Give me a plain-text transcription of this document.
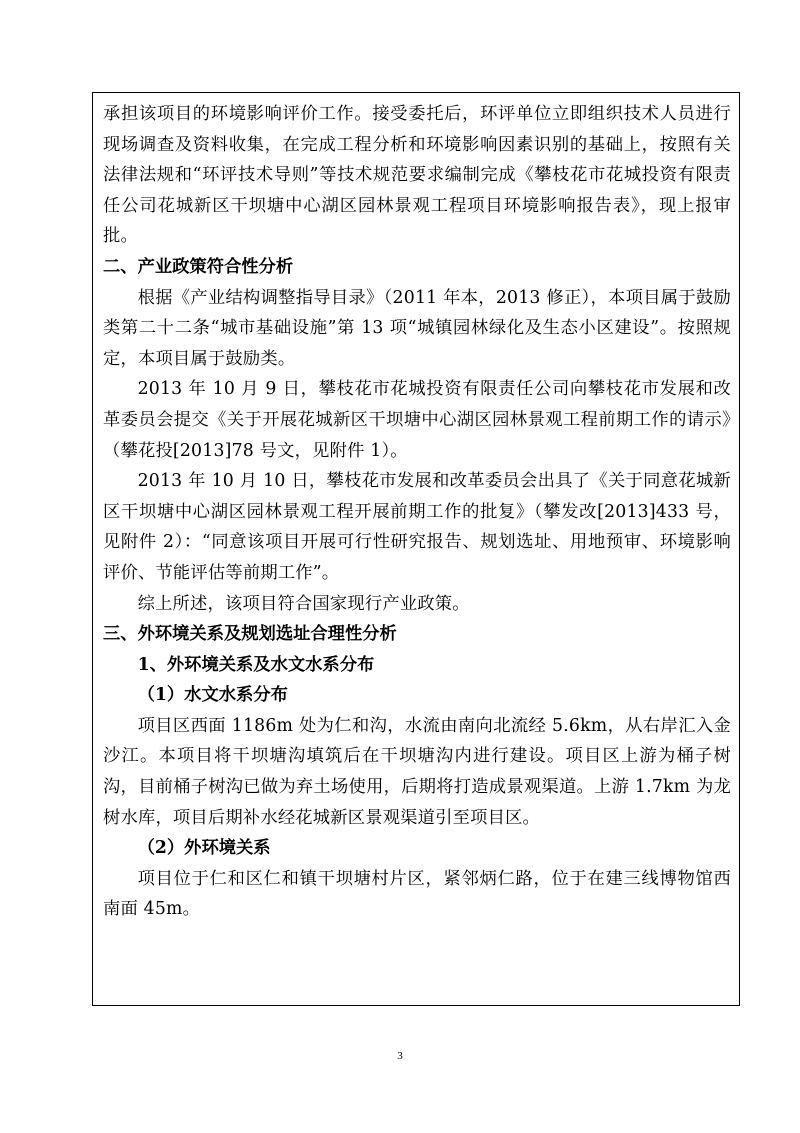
承担该项目的环境影响评价工作。接受委托后，环评单位立即组织技术人员进行现场调查及资料收集，在完成工程分析和环境影响因素识别的基础上，按照有关法律法规和“环评技术导则”等技术规范要求编制完成《攀枝花市花城投资有限责任公司花城新区干坝塘中心湖区园林景观工程项目环境影响报告表》，现上报审批。

二、产业政策符合性分析

根据《产业结构调整指导目录》（2011 年本，2013 修正），本项目属于鼓励类第二十二条“城市基础设施”第 13 项“城镇园林绿化及生态小区建设”。按照规定，本项目属于鼓励类。

2013 年 10 月 9 日，攀枝花市花城投资有限责任公司向攀枝花市发展和改革委员会提交《关于开展花城新区干坝塘中心湖区园林景观工程前期工作的请示》（攀花投[2013]78 号文，见附件 1）。

2013 年 10 月 10 日，攀枝花市发展和改革委员会出具了《关于同意花城新区干坝塘中心湖区园林景观工程开展前期工作的批复》（攀发改[2013]433 号，见附件 2）：“同意该项目开展可行性研究报告、规划选址、用地预审、环境影响评价、节能评估等前期工作”。

综上所述，该项目符合国家现行产业政策。

三、外环境关系及规划选址合理性分析

1、外环境关系及水文水系分布

（1）水文水系分布

项目区西面 1186m 处为仁和沟，水流由南向北流经 5.6km，从右岸汇入金沙江。本项目将干坝塘沟填筑后在干坝塘沟内进行建设。项目区上游为桶子树沟，目前桶子树沟已做为弃土场使用，后期将打造成景观渠道。上游 1.7km 为龙树水库，项目后期补水经花城新区景观渠道引至项目区。

（2）外环境关系

项目位于仁和区仁和镇干坝塘村片区，紧邻炳仁路，位于在建三线博物馆西南面 45m。

3
